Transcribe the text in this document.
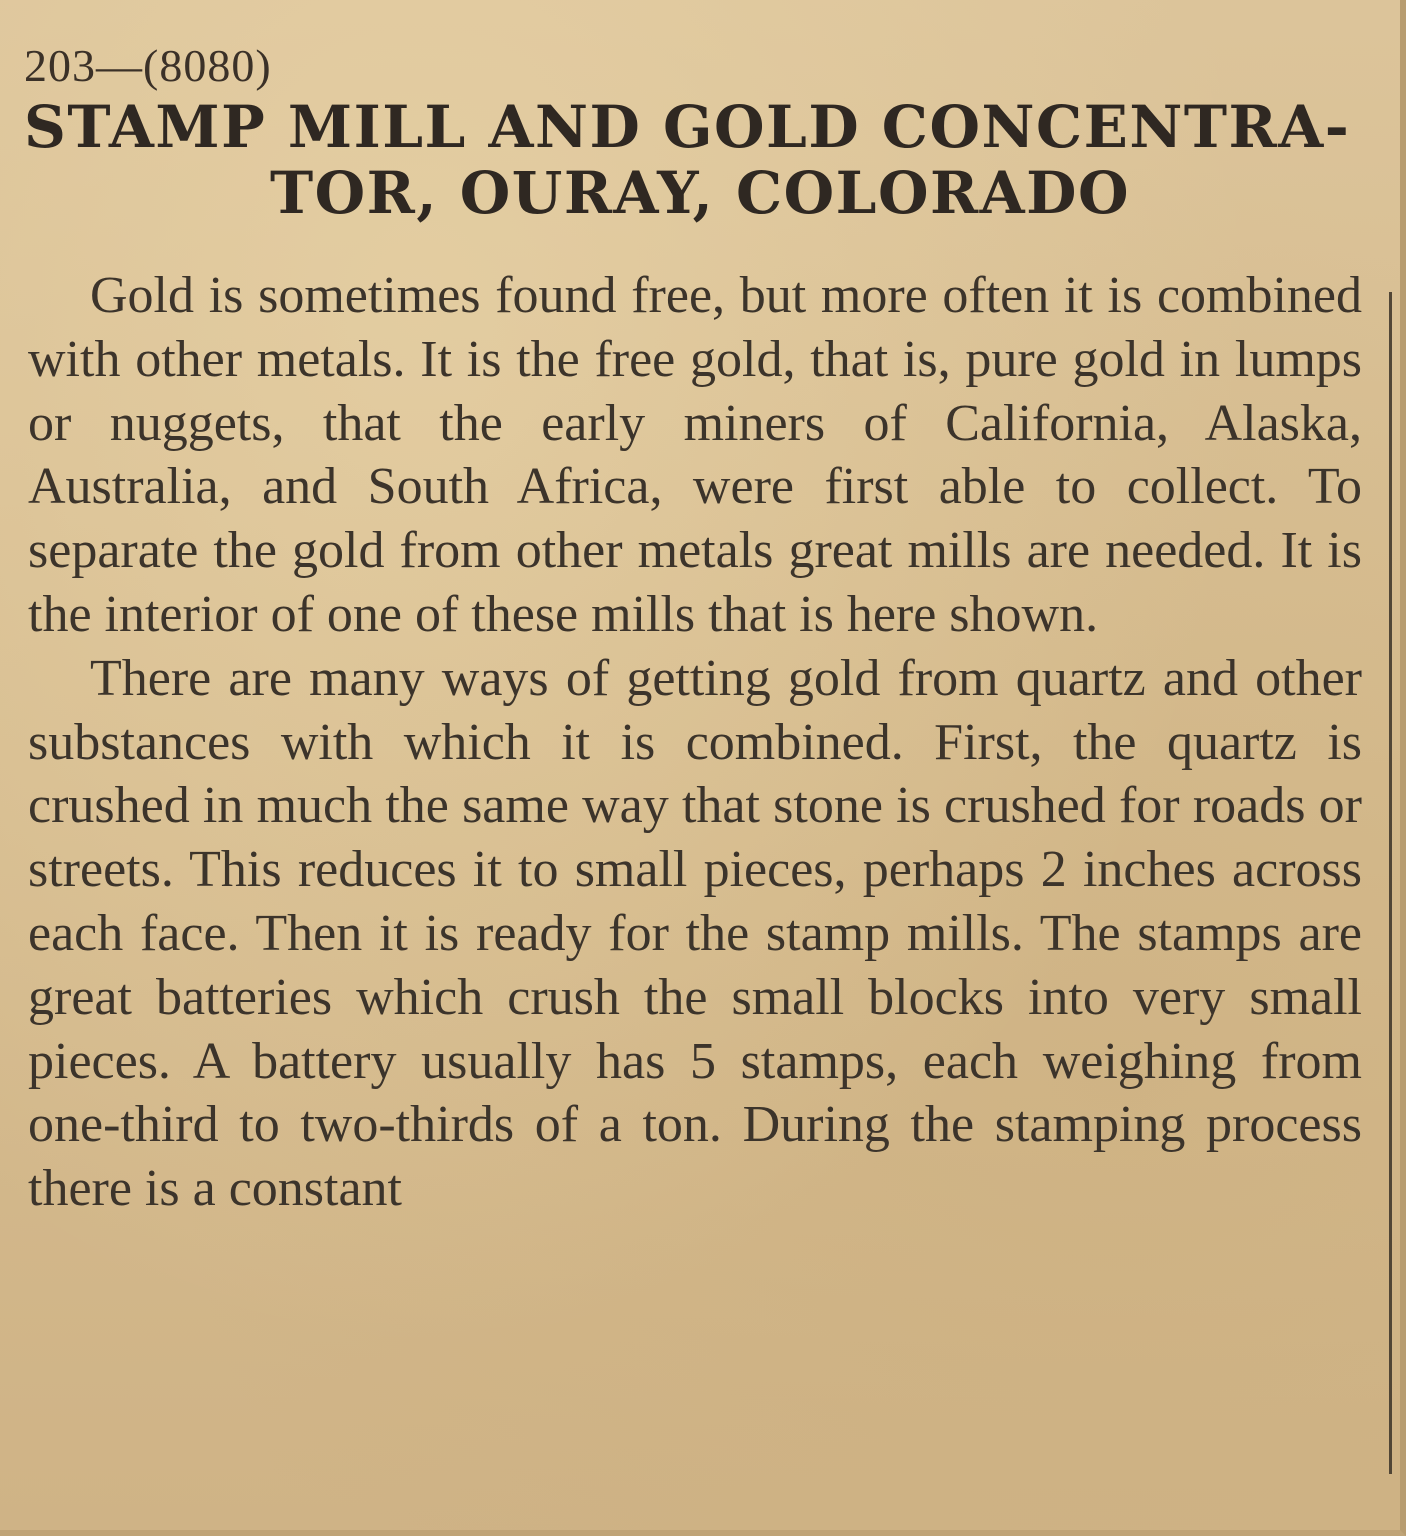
203—(8080)
STAMP MILL AND GOLD CONCENTRA-
TOR, OURAY, COLORADO

Gold is sometimes found free, but more often it is combined with other metals. It is the free gold, that is, pure gold in lumps or nuggets, that the early miners of California, Alaska, Australia, and South Africa, were first able to collect. To separate the gold from other metals great mills are needed. It is the interior of one of these mills that is here shown.

There are many ways of getting gold from quartz and other substances with which it is combined. First, the quartz is crushed in much the same way that stone is crushed for roads or streets. This reduces it to small pieces, perhaps 2 inches across each face. Then it is ready for the stamp mills. The stamps are great batteries which crush the small blocks into very small pieces. A battery usually has 5 stamps, each weighing from one-third to two-thirds of a ton. During the stamping process there is a constant
